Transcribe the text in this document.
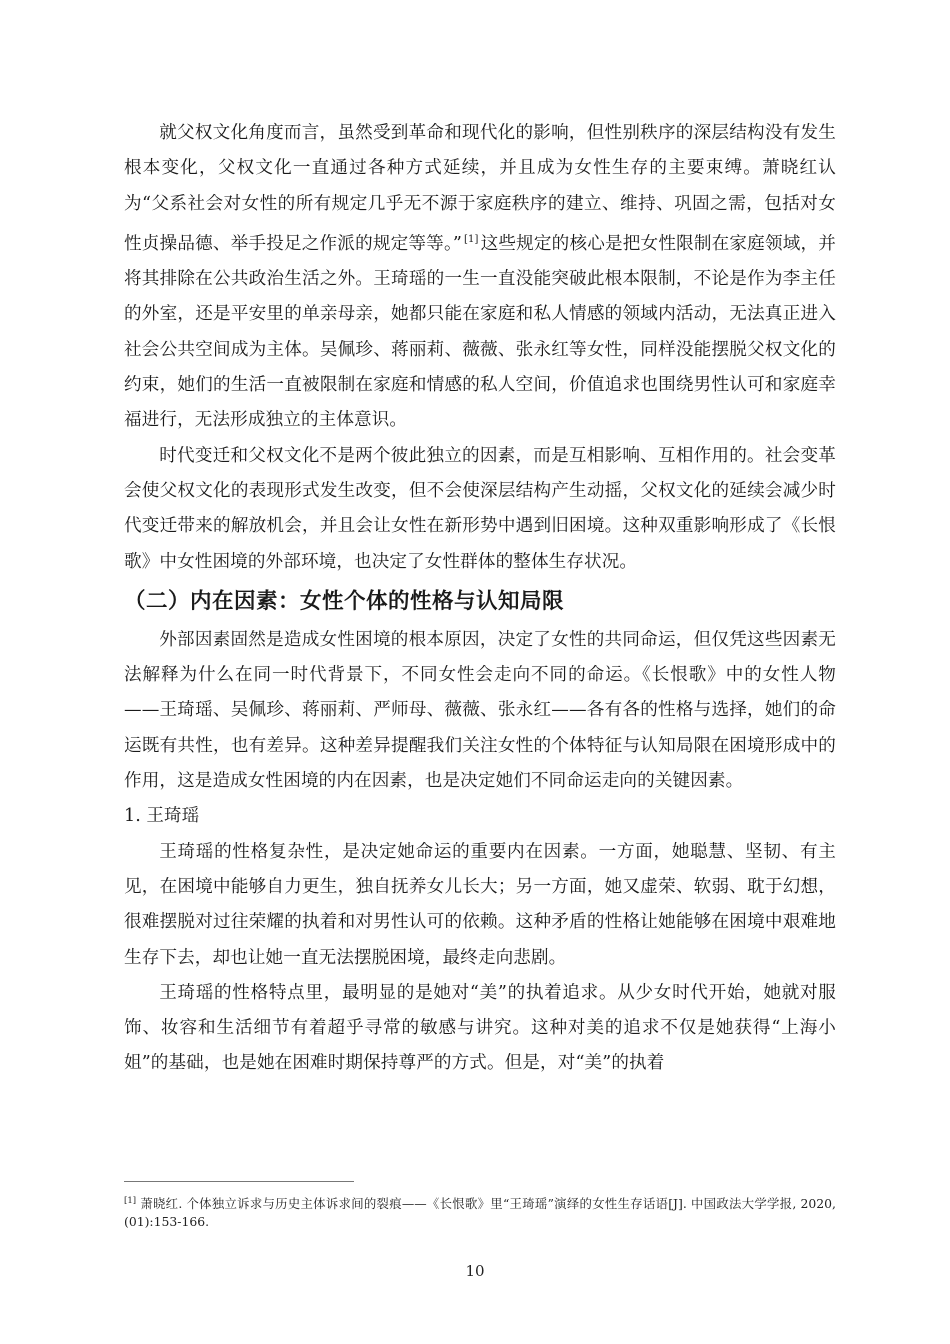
就父权文化角度而言，虽然受到革命和现代化的影响，但性别秩序的深层结构没有发生根本变化，父权文化一直通过各种方式延续，并且成为女性生存的主要束缚。萧晓红认为“父系社会对女性的所有规定几乎无不源于家庭秩序的建立、维持、巩固之需，包括对女性贞操品德、举手投足之作派的规定等等。” [1] 这些规定的核心是把女性限制在家庭领域，并将其排除在公共政治生活之外。王琦瑶的一生一直没能突破此根本限制，不论是作为李主任的外室，还是平安里的单亲母亲，她都只能在家庭和私人情感的领域内活动，无法真正进入社会公共空间成为主体。吴佩珍、蒋丽莉、薇薇、张永红等女性，同样没能摆脱父权文化的约束，她们的生活一直被限制在家庭和情感的私人空间，价值追求也围绕男性认可和家庭幸福进行，无法形成独立的主体意识。

时代变迁和父权文化不是两个彼此独立的因素，而是互相影响、互相作用的。社会变革会使父权文化的表现形式发生改变，但不会使深层结构产生动摇，父权文化的延续会减少时代变迁带来的解放机会，并且会让女性在新形势中遇到旧困境。这种双重影响形成了《长恨歌》中女性困境的外部环境，也决定了女性群体的整体生存状况。

（二）内在因素：女性个体的性格与认知局限

外部因素固然是造成女性困境的根本原因，决定了女性的共同命运，但仅凭这些因素无法解释为什么在同一时代背景下，不同女性会走向不同的命运。《长恨歌》中的女性人物——王琦瑶、吴佩珍、蒋丽莉、严师母、薇薇、张永红——各有各的性格与选择，她们的命运既有共性，也有差异。这种差异提醒我们关注女性的个体特征与认知局限在困境形成中的作用，这是造成女性困境的内在因素，也是决定她们不同命运走向的关键因素。

1. 王琦瑶

王琦瑶的性格复杂性，是决定她命运的重要内在因素。一方面，她聪慧、坚韧、有主见，在困境中能够自力更生，独自抚养女儿长大；另一方面，她又虚荣、软弱、耽于幻想，很难摆脱对过往荣耀的执着和对男性认可的依赖。这种矛盾的性格让她能够在困境中艰难地生存下去，却也让她一直无法摆脱困境，最终走向悲剧。

王琦瑶的性格特点里，最明显的是她对“美”的执着追求。从少女时代开始，她就对服饰、妆容和生活细节有着超乎寻常的敏感与讲究。这种对美的追求不仅是她获得“上海小姐”的基础，也是她在困难时期保持尊严的方式。但是，对“美”的执着

[1] 萧晓红. 个体独立诉求与历史主体诉求间的裂痕——《长恨歌》里“王琦瑶”演绎的女性生存话语[J]. 中国政法大学学报, 2020, (01):153-166.
10
